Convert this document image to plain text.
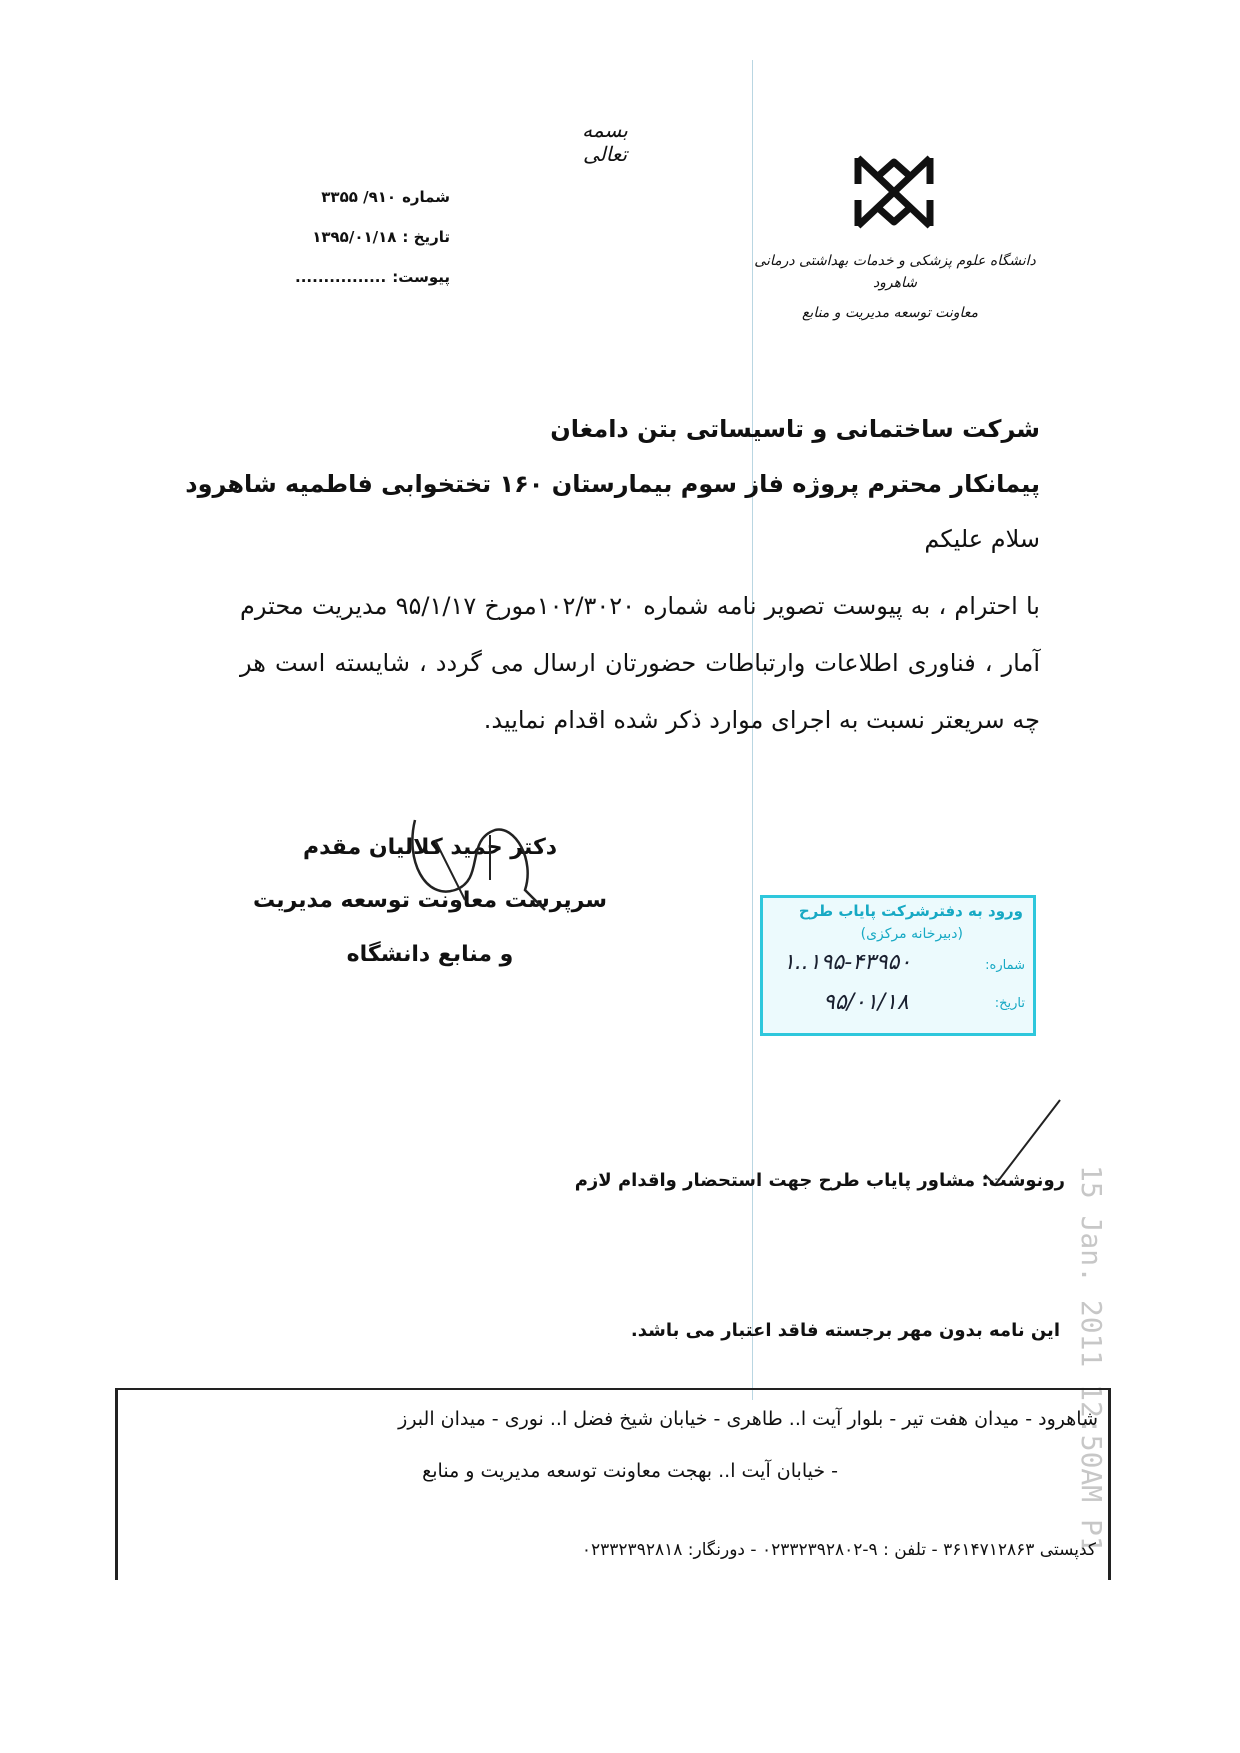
بسمه تعالی
دانشگاه علوم پزشکی و خدمات بهداشتی درمانی شاهرود
معاونت توسعه مدیریت و منابع
شماره
۹۱۰/ ۳۳۵۵
تاریخ :
۱۳۹۵/۰۱/۱۸
پیوست:
................
شرکت ساختمانی و تاسیساتی بتن دامغان
پیمانکار محترم پروژه فاز سوم بیمارستان ۱۶۰ تختخوابی فاطمیه شاهرود
سلام علیکم
با احترام ، به پیوست تصویر نامه شماره ۱۰۲/۳۰۲۰مورخ ۹۵/۱/۱۷ مدیریت محترم آمار ، فناوری اطلاعات وارتباطات حضورتان ارسال می گردد ، شایسته است هر چه سریعتر نسبت به اجرای موارد ذکر شده اقدام نمایید.
دکتر حمید کلالیان مقدم
سرپرست معاونت توسعه مدیریت
و منابع دانشگاه
ورود به دفترشرکت پایاب طرح
(دبیرخانه مرکزی)
شماره:
۱..۱۹۵-۴۳۹۵۰
تاریخ:
۹۵/۰۱/۱۸
رونوشت: مشاور پایاب طرح جهت استحضار واقدام لازم
این نامه بدون مهر برجسته فاقد اعتبار می باشد. 15 Jan. 2011 12:50AM P1
شاهرود - میدان هفت تیر - بلوار آیت ا.. طاهری - خیابان شیخ فضل ا.. نوری - میدان البرز
- خیابان آیت ا.. بهجت معاونت توسعه مدیریت و منابع
کدپستی ۳۶۱۴۷۱۲۸۶۳ - تلفن : ۹-۰۲۳۳۲۳۹۲۸۰۲ - دورنگار: ۰۲۳۳۲۳۹۲۸۱۸
